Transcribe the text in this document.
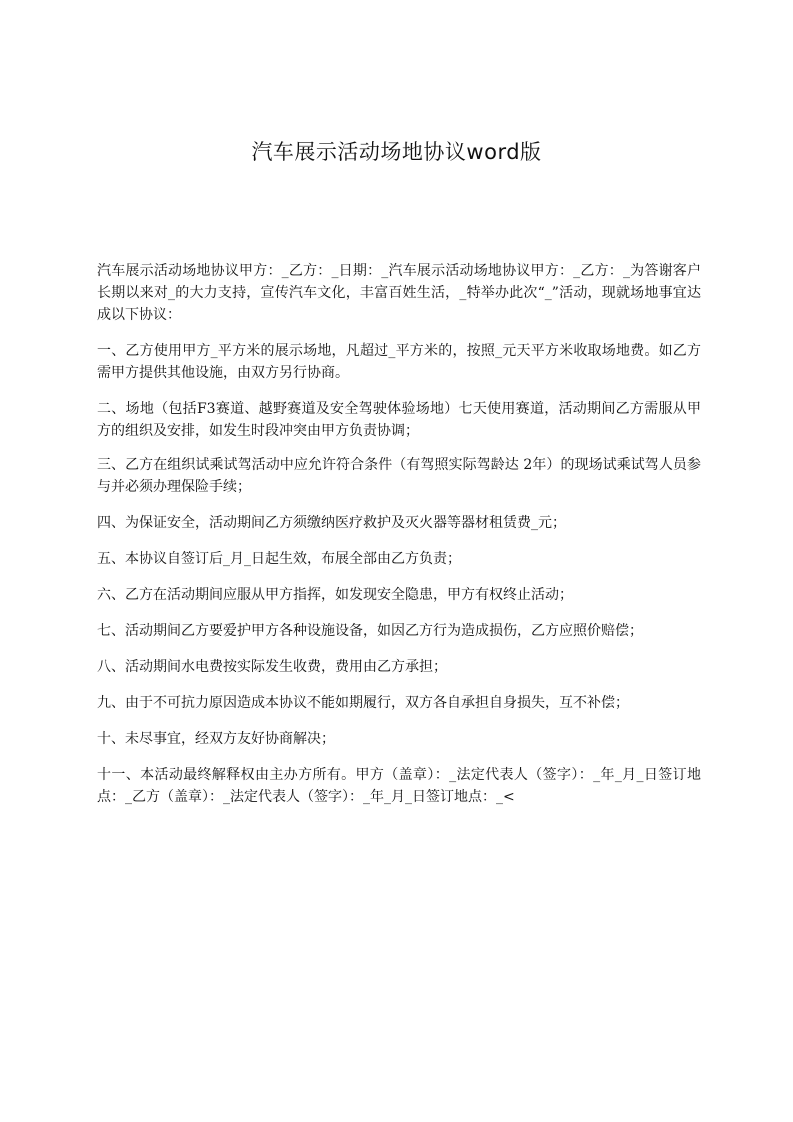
汽车展示活动场地协议word版

汽车展示活动场地协议甲方：_乙方：_日期：_汽车展示活动场地协议甲方：_乙方：_为答谢客户长期以来对_的大力支持，宣传汽车文化，丰富百姓生活，_特举办此次“_”活动，现就场地事宜达成以下协议：

一、乙方使用甲方_平方米的展示场地，凡超过_平方米的，按照_元天平方米收取场地费。如乙方需甲方提供其他设施，由双方另行协商。

二、场地（包括F3赛道、越野赛道及安全驾驶体验场地）七天使用赛道，活动期间乙方需服从甲方的组织及安排，如发生时段冲突由甲方负责协调；

三、乙方在组织试乘试驾活动中应允许符合条件（有驾照实际驾龄达 2年）的现场试乘试驾人员参与并必须办理保险手续；

四、为保证安全，活动期间乙方须缴纳医疗救护及灭火器等器材租赁费_元；

五、本协议自签订后_月_日起生效，布展全部由乙方负责；

六、乙方在活动期间应服从甲方指挥，如发现安全隐患，甲方有权终止活动；

七、活动期间乙方要爱护甲方各种设施设备，如因乙方行为造成损伤，乙方应照价赔偿；

八、活动期间水电费按实际发生收费，费用由乙方承担；

九、由于不可抗力原因造成本协议不能如期履行，双方各自承担自身损失，互不补偿；

十、未尽事宜，经双方友好协商解决；

十一、本活动最终解释权由主办方所有。甲方（盖章）：_法定代表人（签字）：_年_月_日签订地点：_乙方（盖章）：_法定代表人（签字）：_年_月_日签订地点：_<
